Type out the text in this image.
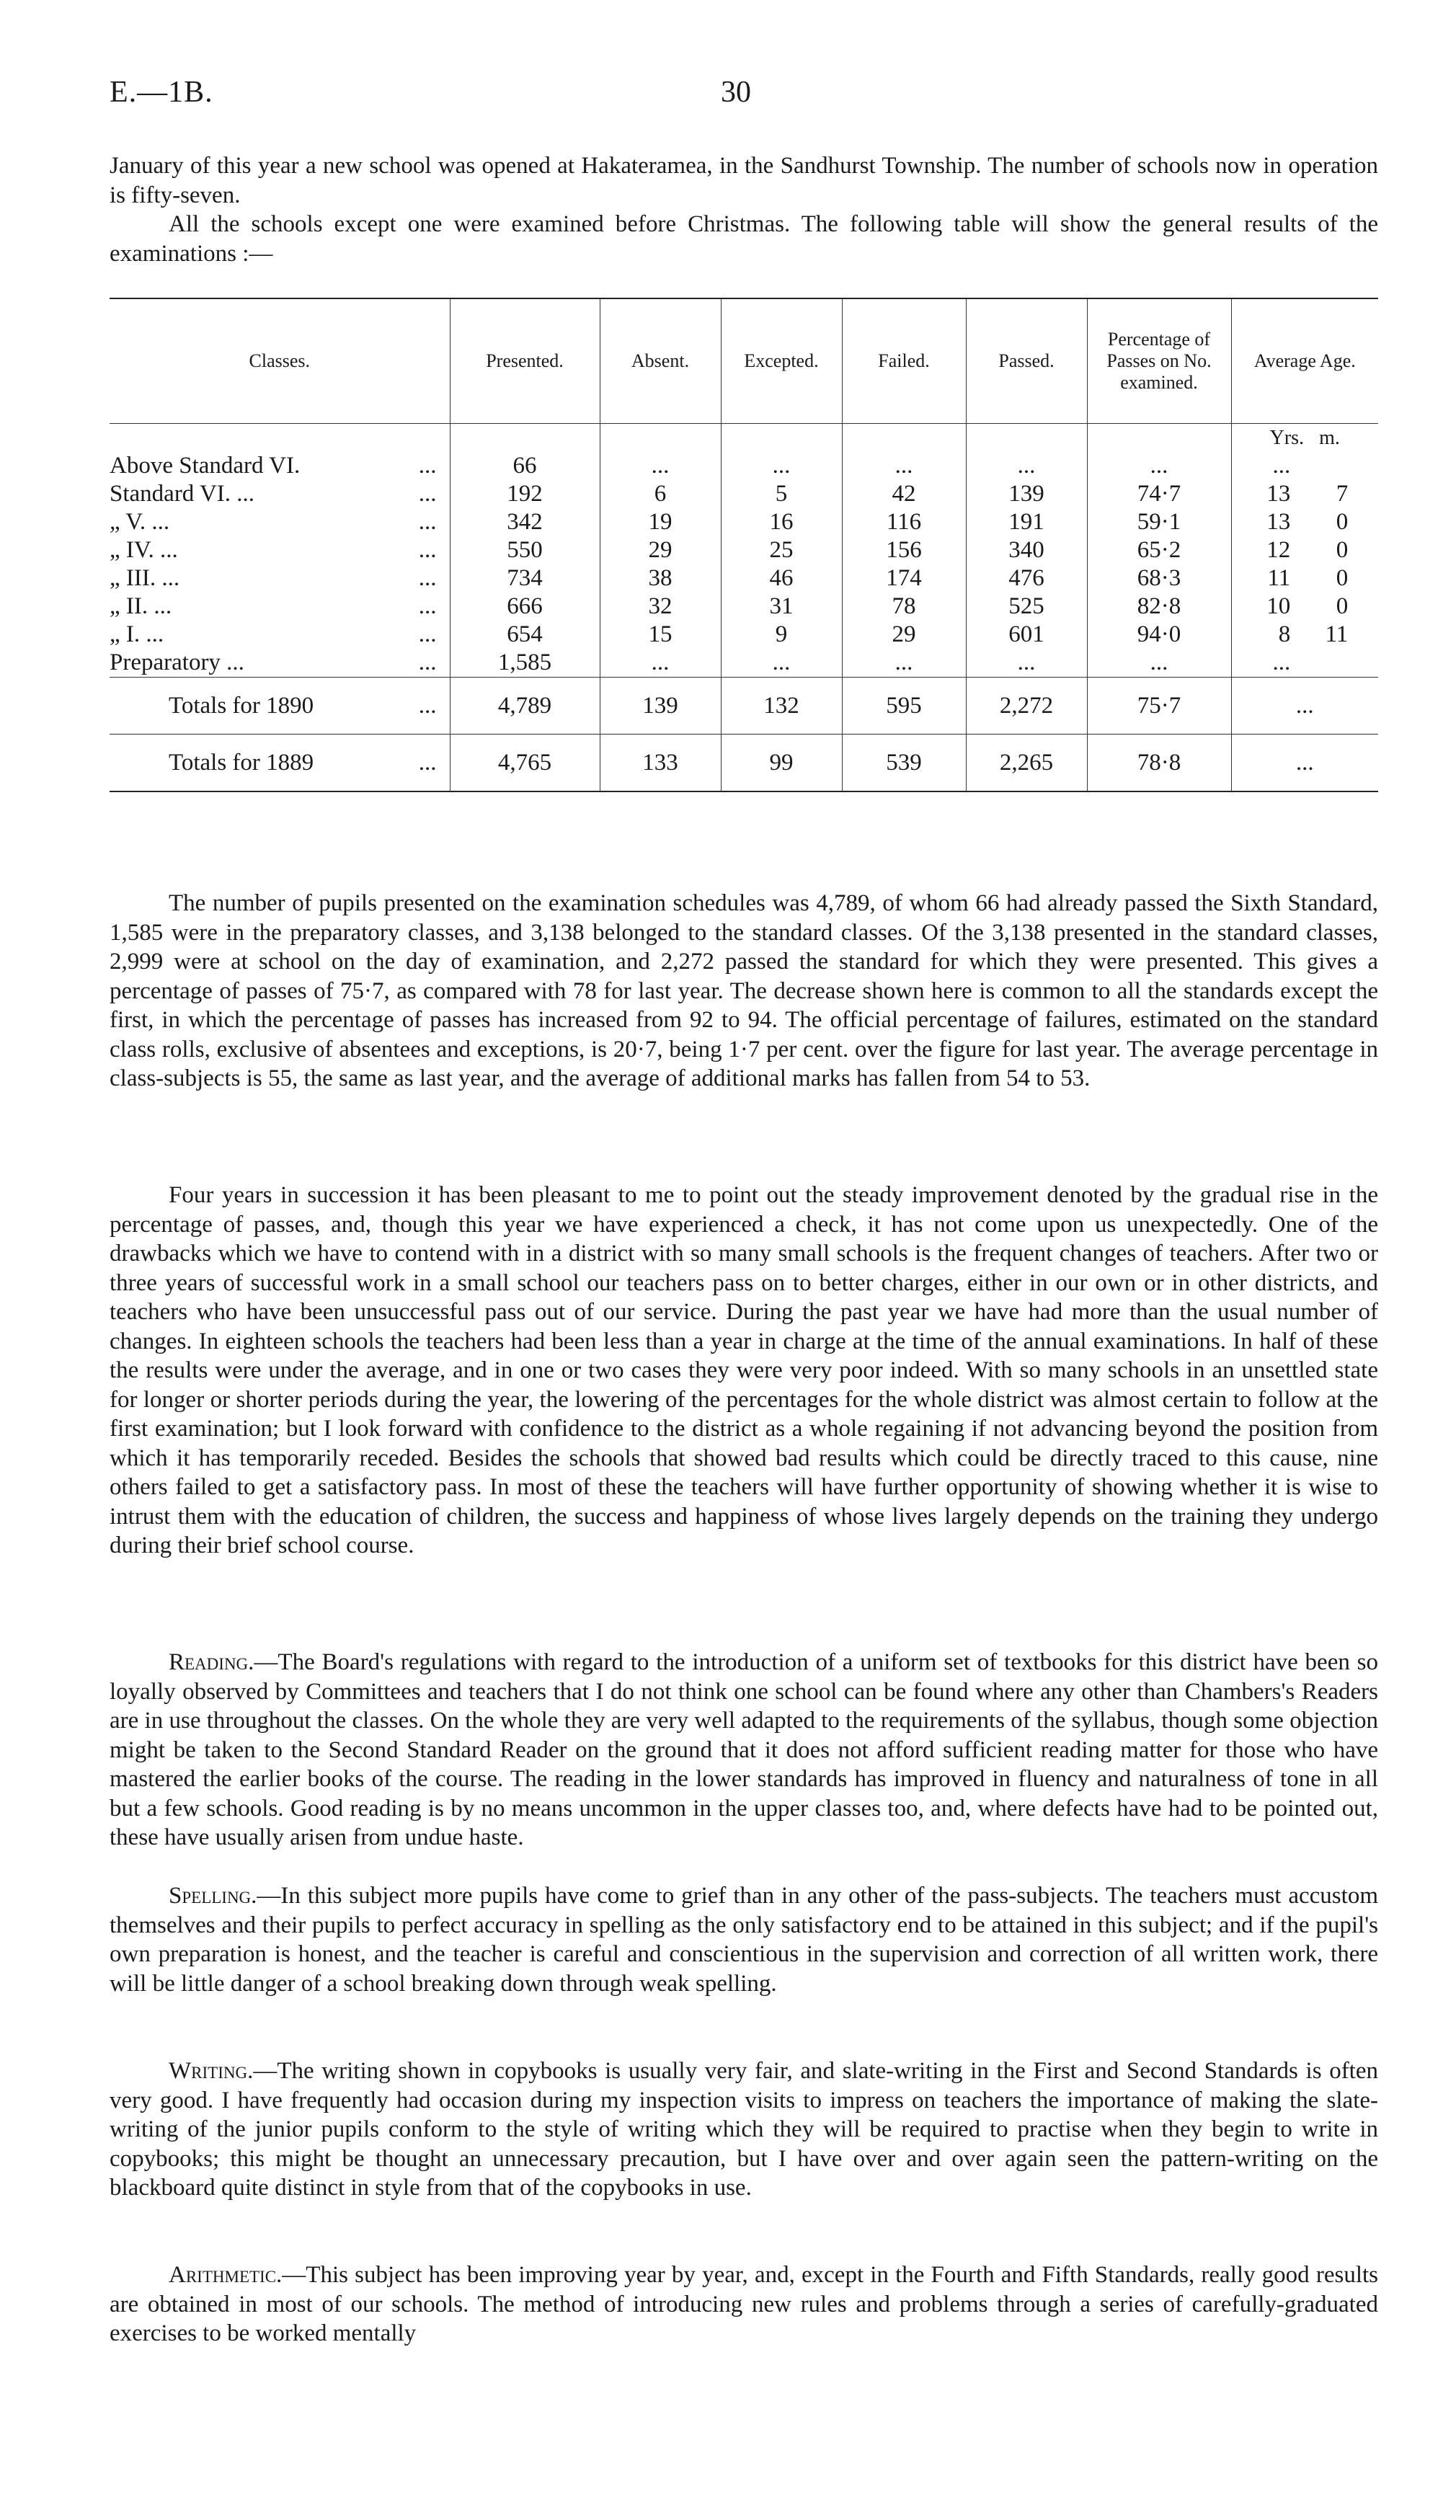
E.—1B.	30

January of this year a new school was opened at Hakateramea, in the Sandhurst Township. The number of schools now in operation is fifty-seven.

All the schools except one were examined before Christmas. The following table will show the general results of the examinations :—

Classes.	Presented.	Absent.	Excepted.	Failed.	Passed.	Percentage of Passes on No. examined.	Average Age.
							Yrs. m.
Above Standard VI. ...	66	...	...	...	...	...	...
Standard VI. ... ...	192	6	5	42	139	74·7	13 7
„ V. ... ...	342	19	16	116	191	59·1	13 0
„ IV. ... ...	550	29	25	156	340	65·2	12 0
„ III. ... ...	734	38	46	174	476	68·3	11 0
„ II. ... ...	666	32	31	78	525	82·8	10 0
„ I. ... ...	654	15	9	29	601	94·0	8 11
Preparatory ... ...	1,585	...	...	...	...	...	...
Totals for 1890 ...	4,789	139	132	595	2,272	75·7	...
Totals for 1889 ...	4,765	133	99	539	2,265	78·8	...

The number of pupils presented on the examination schedules was 4,789, of whom 66 had already passed the Sixth Standard, 1,585 were in the preparatory classes, and 3,138 belonged to the standard classes. Of the 3,138 presented in the standard classes, 2,999 were at school on the day of examination, and 2,272 passed the standard for which they were presented. This gives a percentage of passes of 75·7, as compared with 78 for last year. The decrease shown here is common to all the standards except the first, in which the percentage of passes has increased from 92 to 94. The official percentage of failures, estimated on the standard class rolls, exclusive of absentees and exceptions, is 20·7, being 1·7 per cent. over the figure for last year. The average percentage in class-subjects is 55, the same as last year, and the average of additional marks has fallen from 54 to 53.

Four years in succession it has been pleasant to me to point out the steady improvement denoted by the gradual rise in the percentage of passes, and, though this year we have experienced a check, it has not come upon us unexpectedly. One of the drawbacks which we have to contend with in a district with so many small schools is the frequent changes of teachers. After two or three years of successful work in a small school our teachers pass on to better charges, either in our own or in other districts, and teachers who have been unsuccessful pass out of our service. During the past year we have had more than the usual number of changes. In eighteen schools the teachers had been less than a year in charge at the time of the annual examinations. In half of these the results were under the average, and in one or two cases they were very poor indeed. With so many schools in an unsettled state for longer or shorter periods during the year, the lowering of the percentages for the whole district was almost certain to follow at the first examination; but I look forward with confidence to the district as a whole regaining if not advancing beyond the position from which it has temporarily receded. Besides the schools that showed bad results which could be directly traced to this cause, nine others failed to get a satisfactory pass. In most of these the teachers will have further opportunity of showing whether it is wise to intrust them with the education of children, the success and happiness of whose lives largely depends on the training they undergo during their brief school course.

Reading.—The Board's regulations with regard to the introduction of a uniform set of textbooks for this district have been so loyally observed by Committees and teachers that I do not think one school can be found where any other than Chambers's Readers are in use throughout the classes. On the whole they are very well adapted to the requirements of the syllabus, though some objection might be taken to the Second Standard Reader on the ground that it does not afford sufficient reading matter for those who have mastered the earlier books of the course. The reading in the lower standards has improved in fluency and naturalness of tone in all but a few schools. Good reading is by no means uncommon in the upper classes too, and, where defects have had to be pointed out, these have usually arisen from undue haste.

Spelling.—In this subject more pupils have come to grief than in any other of the pass-subjects. The teachers must accustom themselves and their pupils to perfect accuracy in spelling as the only satisfactory end to be attained in this subject; and if the pupil's own preparation is honest, and the teacher is careful and conscientious in the supervision and correction of all written work, there will be little danger of a school breaking down through weak spelling.

Writing.—The writing shown in copybooks is usually very fair, and slate-writing in the First and Second Standards is often very good. I have frequently had occasion during my inspection visits to impress on teachers the importance of making the slate-writing of the junior pupils conform to the style of writing which they will be required to practise when they begin to write in copybooks; this might be thought an unnecessary precaution, but I have over and over again seen the pattern-writing on the blackboard quite distinct in style from that of the copybooks in use.

Arithmetic.—This subject has been improving year by year, and, except in the Fourth and Fifth Standards, really good results are obtained in most of our schools. The method of introducing new rules and problems through a series of carefully-graduated exercises to be worked mentally
